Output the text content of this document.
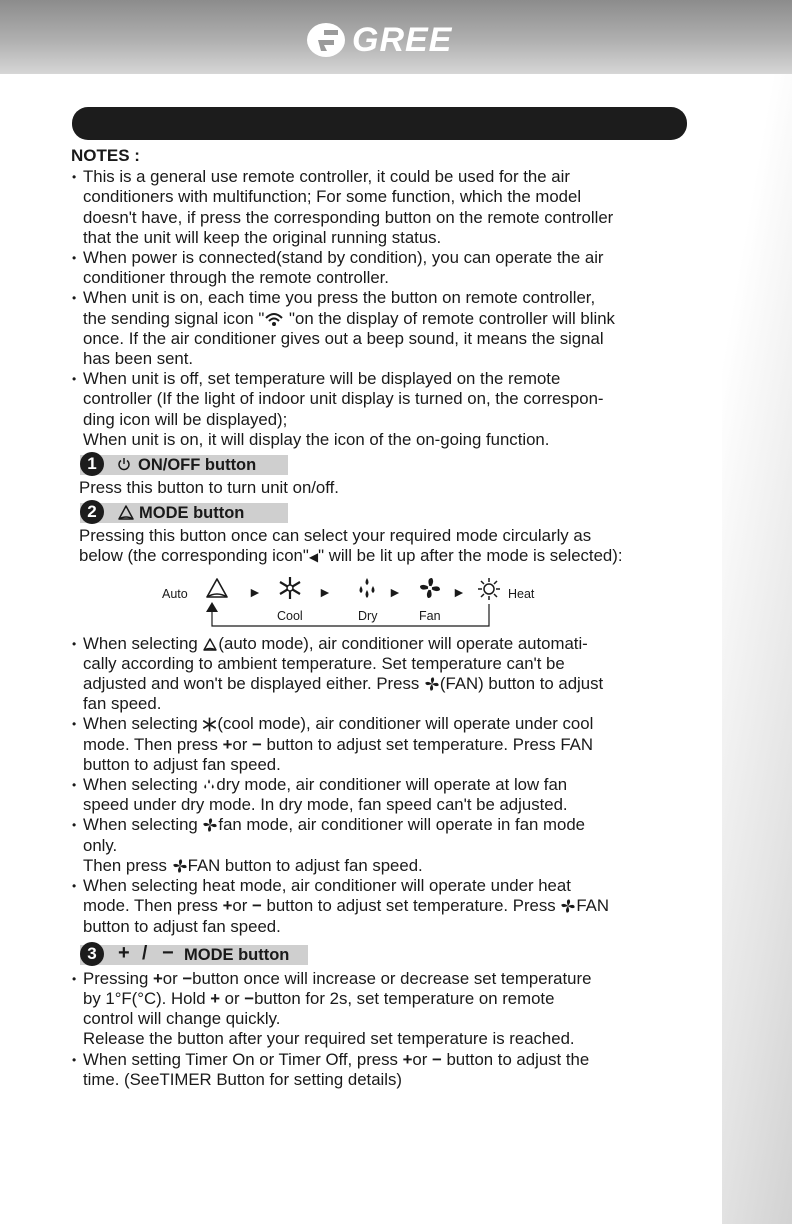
GREE

NOTES :

• This is a general use remote controller, it could be used for the air
conditioners with multifunction; For some function, which the model
doesn't have, if press the corresponding button on the remote controller
that the unit will keep the original running status.

• When power is connected(stand by condition), you can operate the air
conditioner through the remote controller.

• When unit is on, each time you press the button on remote controller,
the sending signal icon " "on the display of remote controller will blink
once. If the air conditioner gives out a beep sound, it means the signal
has been sent.

• When unit is off, set temperature will be displayed on the remote
controller (If the light of indoor unit display is turned on, the correspon-
ding icon will be displayed);
When unit is on, it will display the icon of the on-going function.

1	ON/OFF button

Press this button to turn unit on/off.

2	MODE button

Pressing this button once can select your required mode circularly as

below (the corresponding icon"◀" will be lit up after the mode is selected):

Auto	►
Cool
►
Dry
►
Fan
►	Heat

• When selecting (auto mode), air conditioner will operate automati-
cally according to ambient temperature. Set temperature can't be
adjusted and won't be displayed either. Press (FAN) button to adjust
fan speed.

• When selecting (cool mode), air conditioner will operate under cool
mode. Then press +or − button to adjust set temperature. Press FAN
button to adjust fan speed.

• When selecting dry mode, air conditioner will operate at low fan
speed under dry mode. In dry mode, fan speed can't be adjusted.

• When selecting fan mode, air conditioner will operate in fan mode
only.
Then press FAN button to adjust fan speed.

• When selecting heat mode, air conditioner will operate under heat
mode. Then press +or − button to adjust set temperature. Press FAN
button to adjust fan speed.

3	+ / − MODE button

• Pressing +or −button once will increase or decrease set temperature
by 1°F(°C). Hold + or −button for 2s, set temperature on remote
control will change quickly.
Release the button after your required set temperature is reached.

• When setting Timer On or Timer Off, press +or − button to adjust the
time. (SeeTIMER Button for setting details)
